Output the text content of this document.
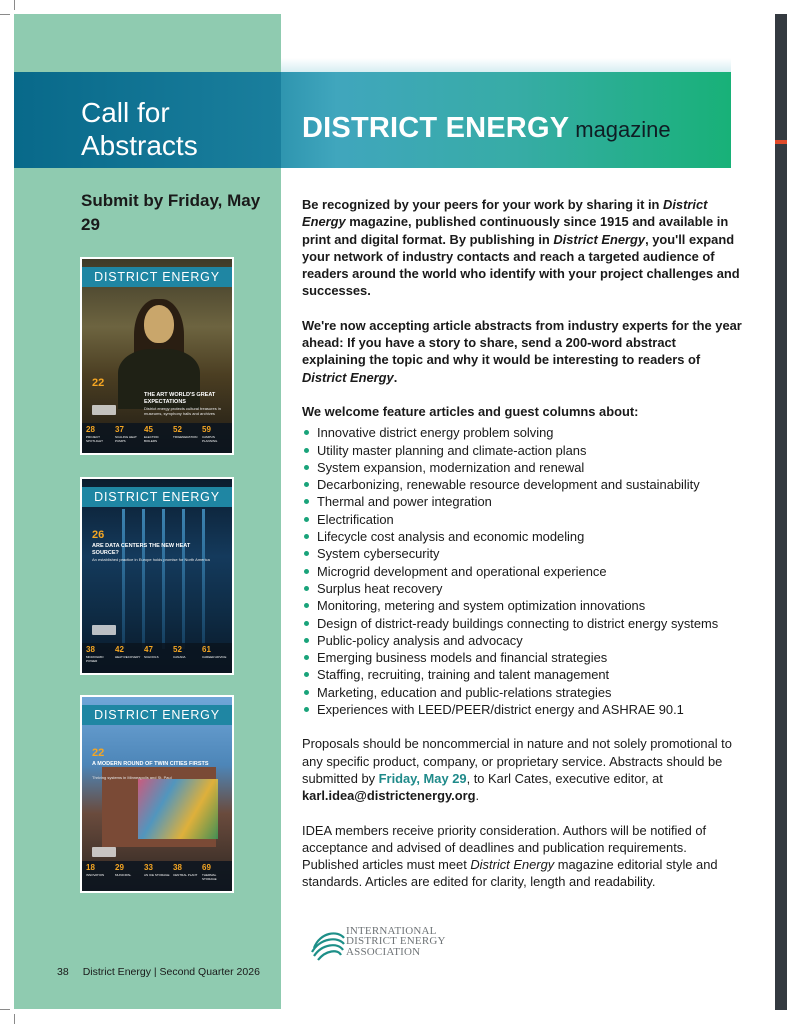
Call for Abstracts
DISTRICT ENERGY magazine
Submit by Friday, May 29
DISTRICT ENERGY
22
THE ART WORLD'S GREAT EXPECTATIONS
District energy protects cultural treasures in museums, symphony halls and archives
28
PROJECT SPOTLIGHT
37
SCALING HEAT PUMPS
45
ELECTRIC BOILERS
52
TRIGENERATION
59
CAMPUS PLANNING
DISTRICT ENERGY
26
ARE DATA CENTERS THE NEW HEAT SOURCE?
An established practice in Europe holds promise for North America
38
MICROGRID POWER
42
HEAT RECOVERY
47
SCHOOLS
52
CANADA
61
CAREER ADVICE
DISTRICT ENERGY
22
A MODERN ROUND OF TWIN CITIES FIRSTS
Thriving systems in Minneapolis and St. Paul
18
INNOVATION
29
MUNICIPAL
33
AN ICE STORAGE
38
CENTRAL PLANT
69
THERMAL STORAGE

Be recognized by your peers for your work by sharing it in District Energy magazine, published continuously since 1915 and available in print and digital format. By publishing in District Energy, you'll expand your network of industry contacts and reach a targeted audience of readers around the world who identify with your project challenges and successes.

We're now accepting article abstracts from industry experts for the year ahead: If you have a story to share, send a 200-word abstract explaining the topic and why it would be interesting to readers of District Energy.

We welcome feature articles and guest columns about:

Innovative district energy problem solving
Utility master planning and climate-action plans
System expansion, modernization and renewal
Decarbonizing, renewable resource development and sustainability
Thermal and power integration
Electrification
Lifecycle cost analysis and economic modeling
System cybersecurity
Microgrid development and operational experience
Surplus heat recovery
Monitoring, metering and system optimization innovations
Design of district-ready buildings connecting to district energy systems
Public-policy analysis and advocacy
Emerging business models and financial strategies
Staffing, recruiting, training and talent management
Marketing, education and public-relations strategies
Experiences with LEED/PEER/district energy and ASHRAE 90.1

Proposals should be noncommercial in nature and not solely promotional to any specific product, company, or proprietary service. Abstracts should be submitted by Friday, May 29, to Karl Cates, executive editor, at karl.idea@districtenergy.org.

IDEA members receive priority consideration. Authors will be notified of acceptance and advised of deadlines and publication requirements. Published articles must meet District Energy magazine editorial style and standards. Articles are edited for clarity, length and readability.

INTERNATIONAL
DISTRICT ENERGY
ASSOCIATION
38 District Energy | Second Quarter 2026
